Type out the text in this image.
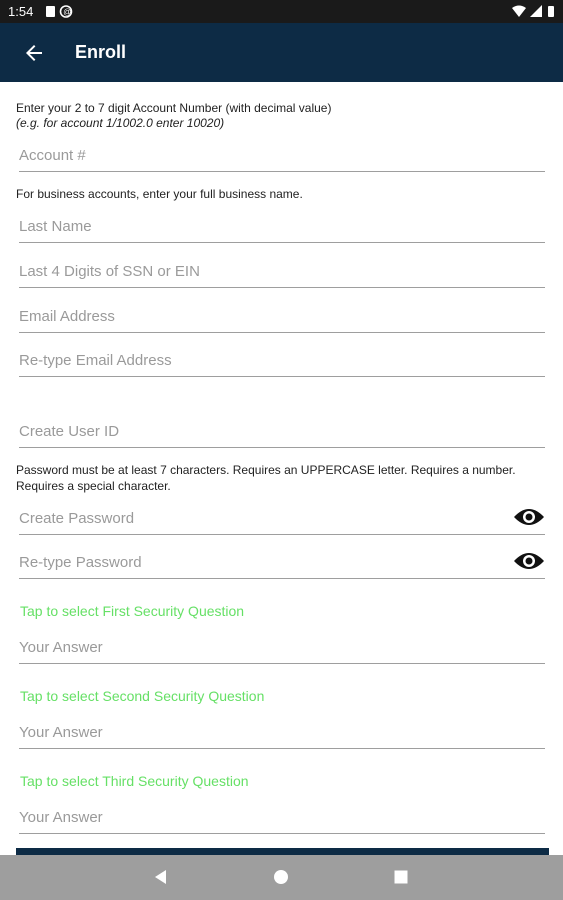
1:54	@
Enroll
Enter your 2 to 7 digit Account Number (with decimal value)
(e.g. for account 1/1002.0 enter 10020)
Account #
For business accounts, enter your full business name.
Last Name
Last 4 Digits of SSN or EIN
Email Address
Re-type Email Address
Create User ID
Password must be at least 7 characters. Requires an UPPERCASE letter. Requires a number.
Requires a special character.
Tap to select First Security Question
Your Answer
Tap to select Second Security Question
Your Answer
Tap to select Third Security Question
Your Answer
